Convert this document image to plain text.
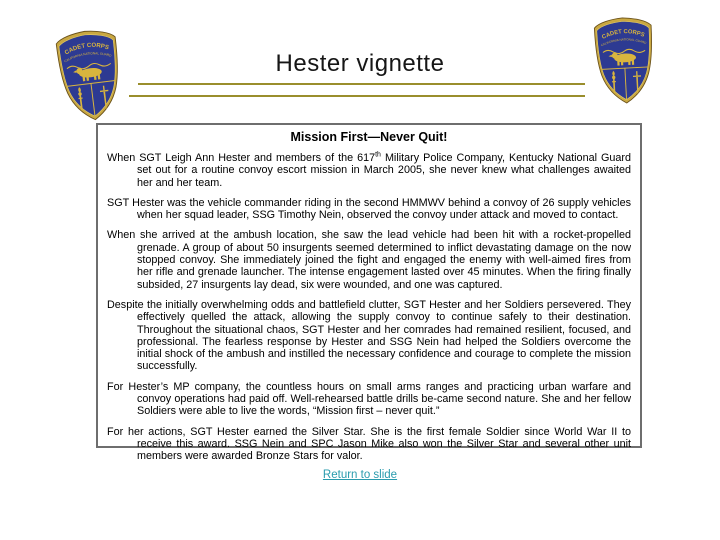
CADET CORPS
CALIFORNIA NATIONAL GUARD
CADET CORPS
CALIFORNIA NATIONAL GUARD
Hester vignette
Mission First—Never Quit!

When SGT Leigh Ann Hester and members of the 617th Military Police Company, Kentucky National Guard set out for a routine convoy escort mission in March 2005, she never knew what challenges awaited her and her team.

SGT Hester was the vehicle commander riding in the second HMMWV behind a convoy of 26 supply vehicles when her squad leader, SSG Timothy Nein, observed the convoy under attack and moved to contact.

When she arrived at the ambush location, she saw the lead vehicle had been hit with a rocket-propelled grenade. A group of about 50 insurgents seemed determined to inflict devastating damage on the now stopped convoy. She immediately joined the fight and engaged the enemy with well-aimed fires from her rifle and grenade launcher. The intense engagement lasted over 45 minutes. When the firing finally subsided, 27 insurgents lay dead, six were wounded, and one was captured.

Despite the initially overwhelming odds and battlefield clutter, SGT Hester and her Soldiers persevered. They effectively quelled the attack, allowing the supply convoy to continue safely to their destination. Throughout the situational chaos, SGT Hester and her comrades had remained resilient, focused, and professional. The fearless response by Hester and SSG Nein had helped the Soldiers overcome the initial shock of the ambush and instilled the necessary confidence and courage to complete the mission successfully.

For Hester’s MP company, the countless hours on small arms ranges and practicing urban warfare and convoy operations had paid off. Well-rehearsed battle drills be-came second nature. She and her fellow Soldiers were able to live the words, “Mission first – never quit.”

For her actions, SGT Hester earned the Silver Star. She is the first female Soldier since World War II to receive this award. SSG Nein and SPC Jason Mike also won the Silver Star and several other unit members were awarded Bronze Stars for valor.

Return to slide
